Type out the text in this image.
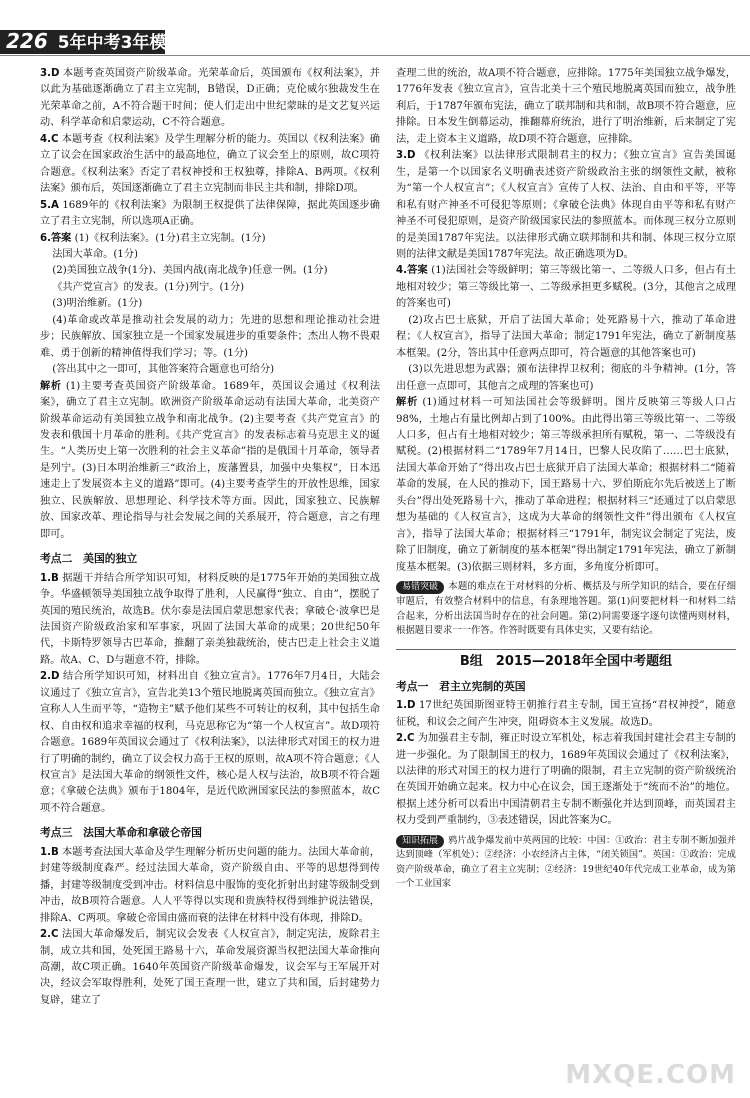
226 5年中考3年模拟 中考历史
3.D 本题考查英国资产阶级革命。光荣革命后，英国颁布《权利法案》，并以此为基础逐渐确立了君主立宪制，B错误，D正确；克伦威尔独裁发生在光荣革命之前，A不符合题干时间；使人们走出中世纪蒙昧的是文艺复兴运动、科学革命和启蒙运动，C不符合题意。
4.C 本题考查《权利法案》及学生理解分析的能力。英国以《权利法案》确立了议会在国家政治生活中的最高地位，确立了议会至上的原则，故C项符合题意。《权利法案》否定了君权神授和王权独尊，排除A、B两项。《权利法案》颁布后，英国逐渐确立了君主立宪制而非民主共和制，排除D项。
5.A 1689年的《权利法案》为限制王权提供了法律保障，据此英国逐步确立了君主立宪制，所以选项A正确。
6.答案 (1)《权利法案》。(1分)君主立宪制。(1分)
法国大革命。(1分)
(2)美国独立战争(1分)、美国内战(南北战争)任意一例。(1分)
《共产党宣言》的发表。(1分)列宁。(1分)
(3)明治维新。(1分)
(4)革命或改革是推动社会发展的动力；先进的思想和理论推动社会进步；民族解放、国家独立是一个国家发展进步的重要条件；杰出人物不畏艰难、勇于创新的精神值得我们学习；等。(1分)
(答出其中之一即可，其他答案符合题意也可给分)
解析 (1)主要考查英国资产阶级革命。1689年，英国议会通过《权利法案》，确立了君主立宪制。欧洲资产阶级革命运动有法国大革命，北美资产阶级革命运动有美国独立战争和南北战争。(2)主要考查《共产党宣言》的发表和俄国十月革命的胜利。《共产党宣言》的发表标志着马克思主义的诞生。“人类历史上第一次胜利的社会主义革命”指的是俄国十月革命，领导者是列宁。(3)日本明治维新三“政治上，废藩置县，加强中央集权”，日本迅速走上了发展资本主义的道路”即可。(4)主要考查学生的开放性思维，国家独立、民族解放、思想理论、科学技术等方面。因此，国家独立、民族解放、国家改革、理论指导与社会发展之间的关系展开，符合题意，言之有理即可。
考点二　美国的独立
1.B 据题干并结合所学知识可知，材料反映的是1775年开始的美国独立战争。华盛顿领导美国独立战争取得了胜利，人民赢得“独立、自由”，摆脱了英国的殖民统治，故选B。伏尔泰是法国启蒙思想家代表；拿破仑·波拿巴是法国资产阶级政治家和军事家，巩固了法国大革命的成果；20世纪50年代，卡斯特罗领导古巴革命，推翻了亲美独裁统治，使古巴走上社会主义道路。故A、C、D与题意不符，排除。
2.D 结合所学知识可知，材料出自《独立宣言》。1776年7月4日，大陆会议通过了《独立宣言》，宣告北美13个殖民地脱离英国而独立。《独立宣言》宣称人人生而平等，“造物主”赋予他们某些不可转让的权利，其中包括生命权、自由权和追求幸福的权利，马克思称它为“第一个人权宣言”。故D项符合题意。1689年英国议会通过了《权利法案》，以法律形式对国王的权力进行了明确的制约，确立了议会权力高于王权的原则，故A项不符合题意；《人权宣言》是法国大革命的纲领性文件，核心是人权与法治，故B项不符合题意；《拿破仑法典》颁布于1804年，是近代欧洲国家民法的参照蓝本，故C项不符合题意。
考点三　法国大革命和拿破仑帝国
1.B 本题考查法国大革命及学生理解分析历史问题的能力。法国大革命前，封建等级制度森严。经过法国大革命，资产阶级自由、平等的思想得到传播，封建等级制度受到冲击。材料信息中服饰的变化折射出封建等级制受到冲击，故B项符合题意。人人平等得以实现和贵族特权得到维护说法错误，排除A、C两项。拿破仑帝国由盛而衰的法律在材料中没有体现，排除D。
2.C 法国大革命爆发后，制宪议会发表《人权宣言》，制定宪法，废除君主制，成立共和国，处死国王路易十六，革命发展资源当权把法国大革命推向高潮，故C项正确。1640年英国资产阶级革命爆发，议会军与王军展开对决，经议会军取得胜利，处死了国王查理一世，建立了共和国，后封建势力复辟，建立了
查理二世的统治，故A项不符合题意，应排除。1775年美国独立战争爆发，1776年发表《独立宣言》，宣告北美十三个殖民地脱离英国而独立，战争胜利后，于1787年颁布宪法，确立了联邦制和共和制，故B项不符合题意，应排除。日本发生倒幕运动，推翻幕府统治，进行了明治维新，后来制定了宪法，走上资本主义道路，故D项不符合题意，应排除。
3.D 《权利法案》以法律形式限制君主的权力；《独立宣言》宣告美国诞生，是第一个以国家名义明确表述资产阶级政治主张的纲领性文献，被称为“第一个人权宣言”；《人权宣言》宣传了人权、法治、自由和平等，平等和私有财产神圣不可侵犯等原则；《拿破仑法典》体现自由平等和私有财产神圣不可侵犯原则，是资产阶级国家民法的参照蓝本。而体现三权分立原则的是美国1787年宪法。以法律形式确立联邦制和共和制、体现三权分立原则的法律文献是美国1787年宪法。故正确选项为D。
4.答案 (1)法国社会等级鲜明；第三等级比第一、二等级人口多，但占有土地相对较少；第三等级比第一、二等级承担更多赋税。(3分，其他言之成理的答案也可)
(2)攻占巴士底狱，开启了法国大革命；处死路易十六，推动了革命进程；《人权宣言》，指导了法国大革命；制定1791年宪法，确立了新制度基本框架。(2分，答出其中任意两点即可，符合题意的其他答案也可)
(3)以先进思想为武器；颁布法律捍卫权利；彻底的斗争精神。(1分，答出任意一点即可，其他言之成理的答案也可)
解析 (1)通过材料一可知法国社会等级鲜明。图片反映第三等级人口占98%，土地占有量比例却占到了100%。由此得出第三等级比第一、二等级人口多，但占有土地相对较少；第三等级承担所有赋税，第一、二等级没有赋税。(2)根据材料二“1789年7月14日，巴黎人民攻陷了……巴士底狱，法国大革命开始了”得出攻占巴士底狱开启了法国大革命；根据材料二“随着革命的发展，在人民的推动下，国王路易十六、罗伯斯庇尔先后被送上了断头台”得出处死路易十六，推动了革命进程；根据材料三“还通过了以启蒙思想为基础的《人权宣言》，这成为大革命的纲领性文件”得出颁布《人权宣言》，指导了法国大革命；根据材料三“1791年，制宪议会制定了宪法，废除了旧制度，确立了新制度的基本框架”得出制定1791年宪法，确立了新制度基本框架。(3)依据三则材料，多方面，多角度分析即可。
易错突破 本题的难点在于对材料的分析、概括及与所学知识的结合，要在仔细审题后，有效整合材料中的信息，有条理地答题。第(1)问要把材料一和材料二结合起来，分析出法国当时存在的社会问题。第(2)问需要逐字逐句读懂两则材料，根据题目要求一一作答。作答时既要有具体史实，又要有结论。
B组　2015—2018年全国中考题组
考点一　君主立宪制的英国
1.D 17世纪英国斯图亚特王朝推行君主专制，国王宣扬“君权神授”，随意征税，和议会之间产生冲突，阻碍资本主义发展。故选D。
2.C 为加强君主专制，雍正时设立军机处，标志着我国封建社会君主专制的进一步强化。为了限制国王的权力，1689年英国议会通过了《权利法案》，以法律的形式对国王的权力进行了明确的限制，君主立宪制的资产阶级统治在英国开始确立起来。权力中心在议会，国王逐渐处于“统而不治”的地位。根据上述分析可以看出中国清朝君主专制不断强化并达到顶峰，而英国君主权力受到严重制约，③表述错误，因此答案为C。
知识拓展 鸦片战争爆发前中英两国的比较：中国：①政治：君主专制不断加强并达到顶峰（军机处）；②经济：小农经济占主体，“闭关锁国”。英国：①政治：完成资产阶级革命，确立了君主立宪制；②经济：19世纪40年代完成工业革命，成为第一个工业国家
MXQE.COM
